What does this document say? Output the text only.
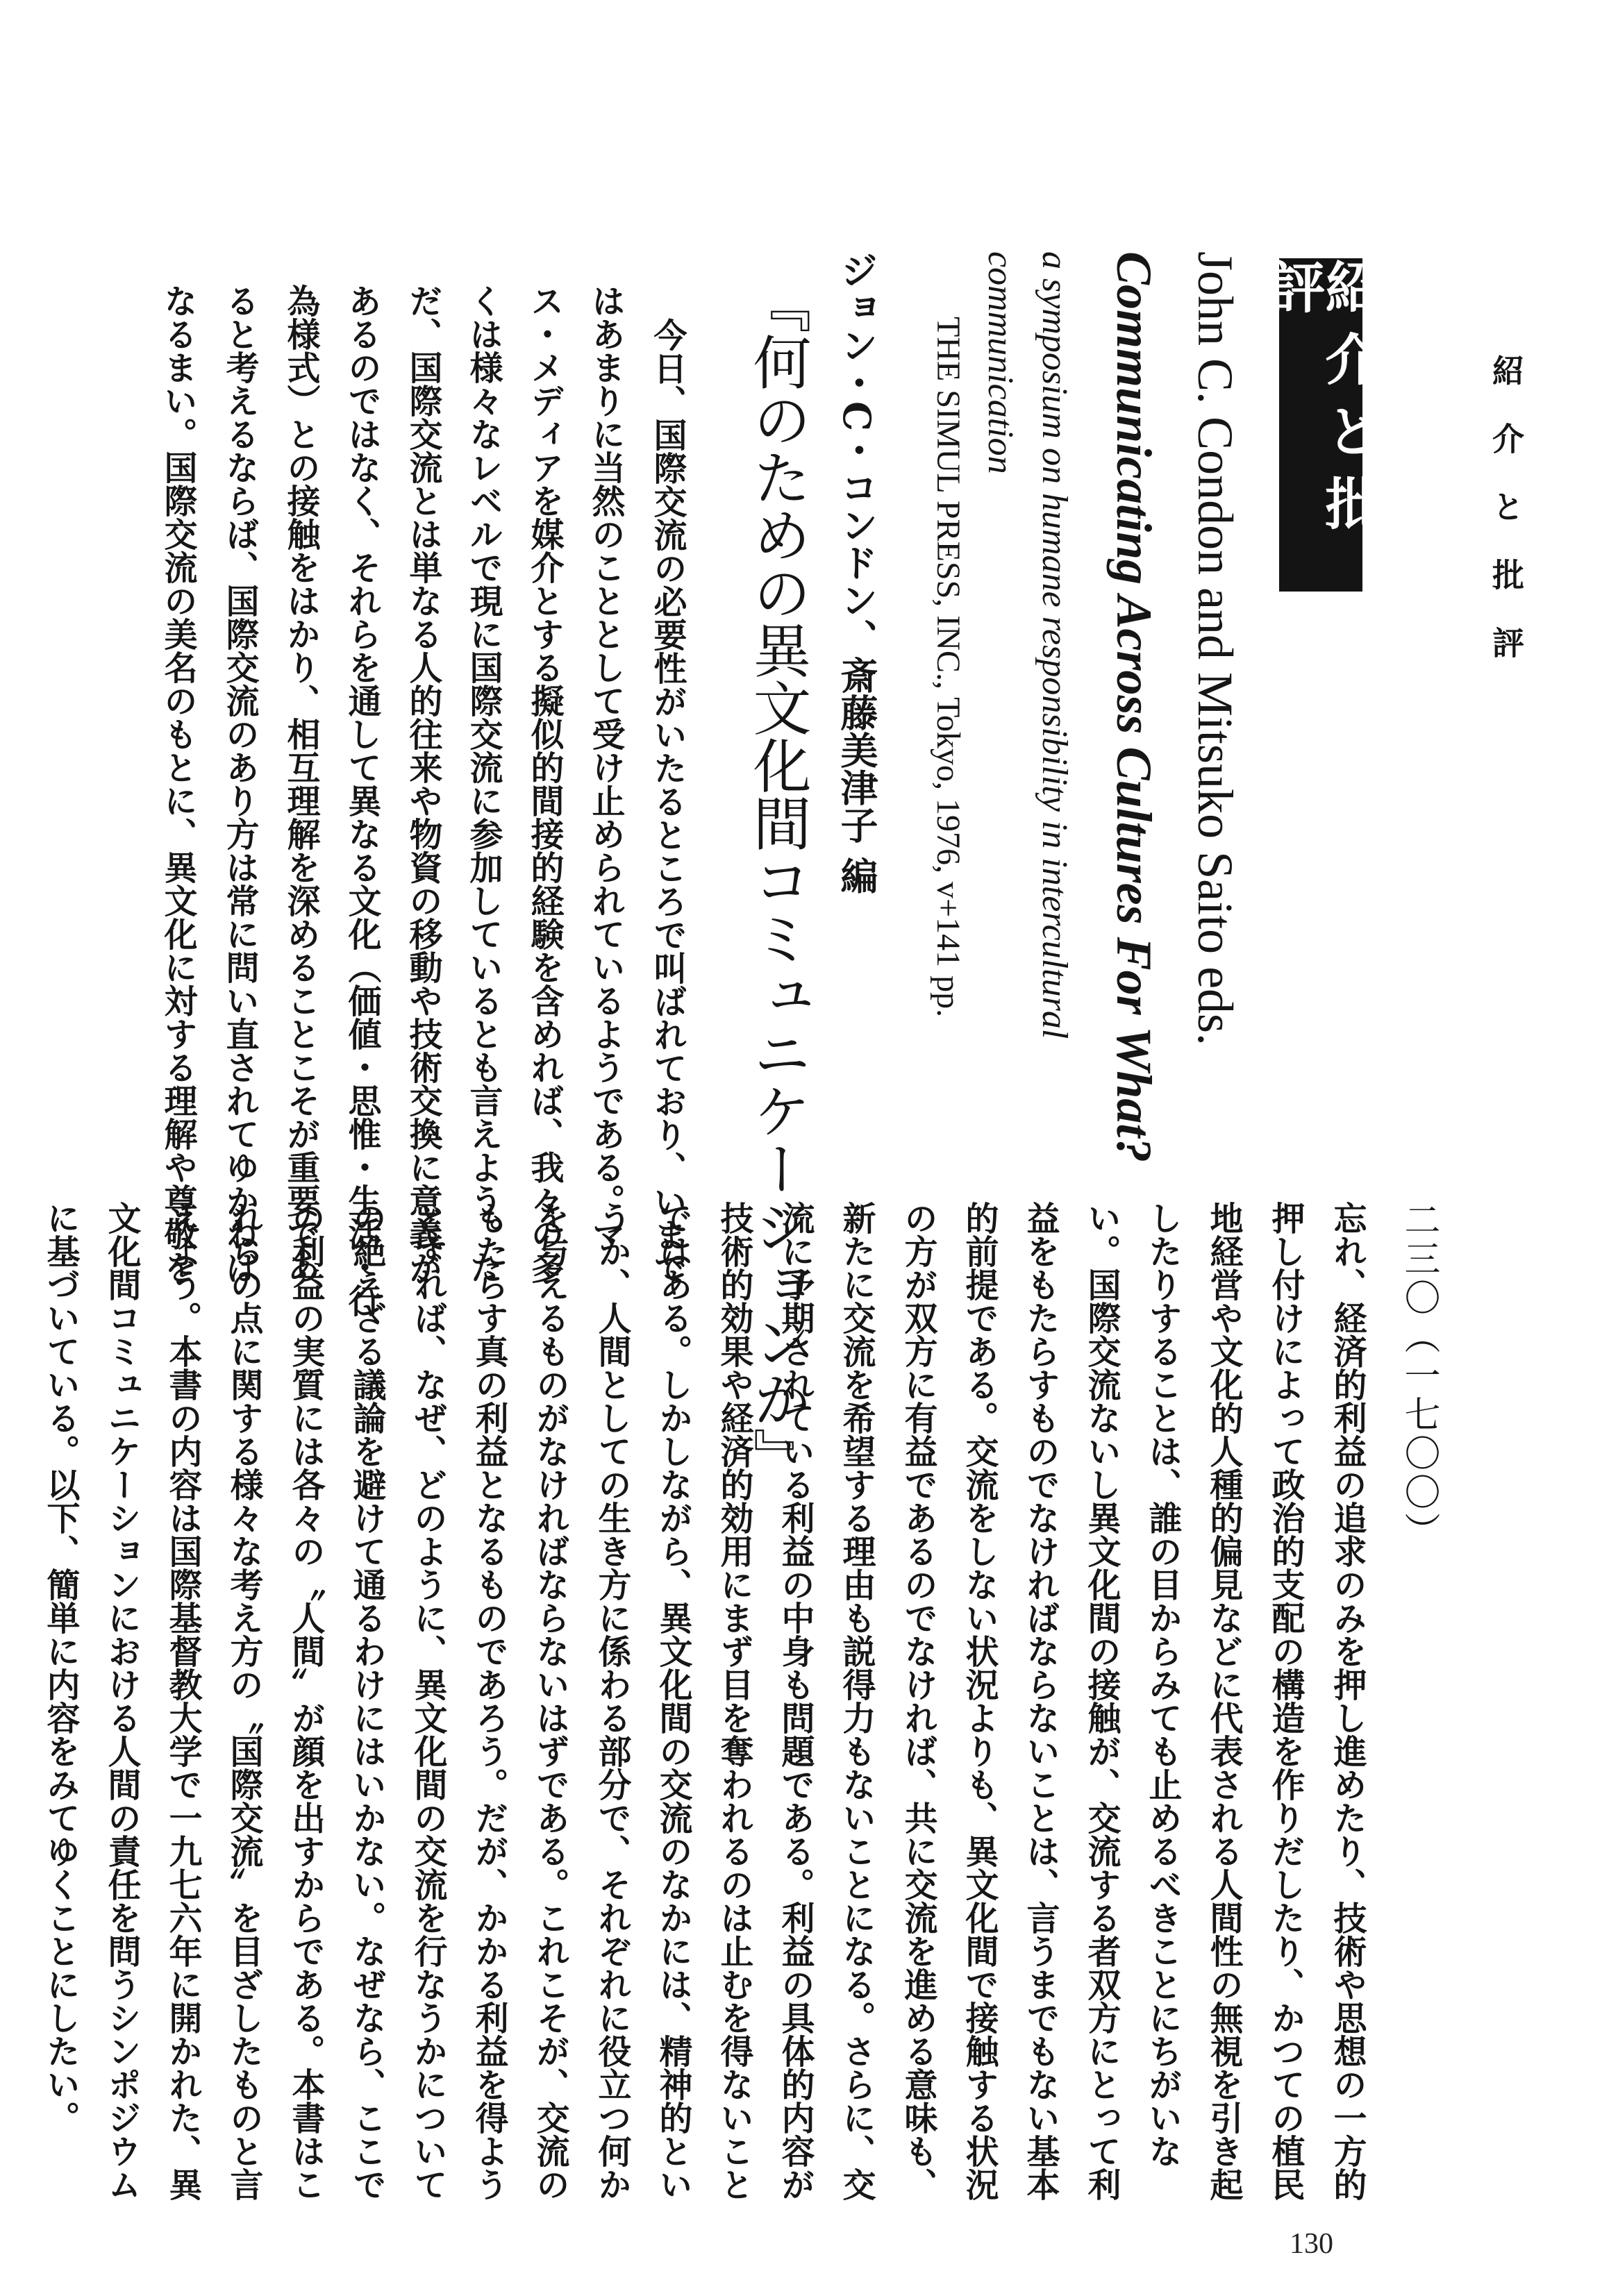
紹介と批評
紹介と批評
John C. Condon and Mitsuko Saito eds.
Communicating Across Cultures For What?
a symposium on humane responsibility in intercultural
communication
THE SIMUL PRESS, INC., Tokyo, 1976, v+141 pp.
ジョン・C・コンドン、斎藤美津子 編
『何のための異文化間コミュニケーションか』
今日、国際交流の必要性がいたるところで叫ばれており、いまで
はあまりに当然のこととして受け止められているようである。マ
ス・メディアを媒介とする擬似的間接的経験を含めれば、我々の多
くは様々なレベルで現に国際交流に参加しているとも言えよう。た
だ、国際交流とは単なる人的往来や物資の移動や技術交換に意義が
あるのではなく、それらを通して異なる文化（価値・思惟・生活・行
為様式）との接触をはかり、相互理解を深めることこそが重要であ
ると考えるならば、国際交流のあり方は常に問い直されてゆかねば
なるまい。国際交流の美名のもとに、異文化に対する理解や尊敬を
二三〇（一七〇〇）
忘れ、経済的利益の追求のみを押し進めたり、技術や思想の一方的
押し付けによって政治的支配の構造を作りだしたり、かつての植民
地経営や文化的人種的偏見などに代表される人間性の無視を引き起
したりすることは、誰の目からみても止めるべきことにちがいな
い。国際交流ないし異文化間の接触が、交流する者双方にとって利
益をもたらすものでなければならないことは、言うまでもない基本
的前提である。交流をしない状況よりも、異文化間で接触する状況
の方が双方に有益であるのでなければ、共に交流を進める意味も、
新たに交流を希望する理由も説得力もないことになる。さらに、交
流に予期されている利益の中身も問題である。利益の具体的内容が
技術的効果や経済的効用にまず目を奪われるのは止むを得ないこと
ではある。しかしながら、異文化間の交流のなかには、精神的とい
うか、人間としての生き方に係わる部分で、それぞれに役立つ何か
を与えるものがなければならないはずである。これこそが、交流の
もたらす真の利益となるものであろう。だが、かかる利益を得よう
とすれば、なぜ、どのように、異文化間の交流を行なうかについて
の絶えざる議論を避けて通るわけにはいかない。なぜなら、ここで
の利益の実質には各々の〝人間〟が顔を出すからである。本書はこ
れらの点に関する様々な考え方の〝国際交流〟を目ざしたものと言
えよう。本書の内容は国際基督教大学で一九七六年に開かれた、異
文化間コミュニケーションにおける人間の責任を問うシンポジウム
に基づいている。以下、簡単に内容をみてゆくことにしたい。
130
